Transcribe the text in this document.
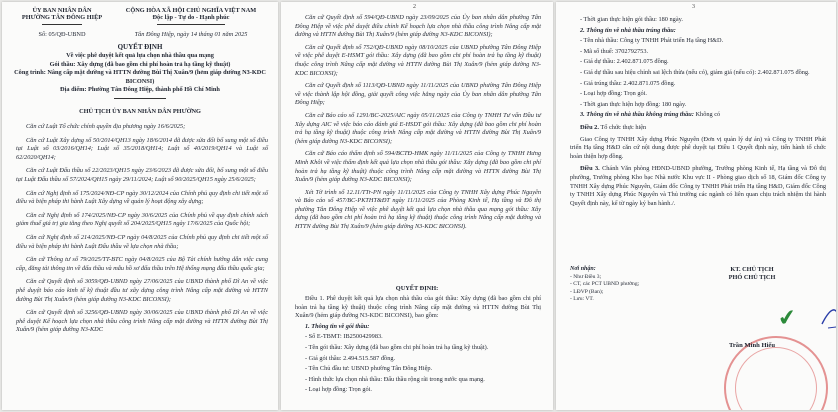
ỦY BAN NHÂN DÂN
PHƯỜNG TÂN ĐÔNG HIỆP
Số: 05/QĐ-UBND
CỘNG HÒA XÃ HỘI CHỦ NGHĨA VIỆT NAM
Độc lập - Tự do - Hạnh phúc
Tân Đông Hiệp, ngày 14 tháng 01 năm 2025
QUYẾT ĐỊNH
Về việc phê duyệt kết quả lựa chọn nhà thầu qua mạng
Gói thầu: Xây dựng (đã bao gồm chi phí hoàn trả hạ tầng kỹ thuật)
Công trình: Nâng cấp mặt đường và HTTN đường Bùi Thị Xuân/9 (hẻm giáp đường N3-KDC BICONSI)
Địa điểm: Phường Tân Đông Hiệp, thành phố Hồ Chí Minh
CHỦ TỊCH ỦY BAN NHÂN DÂN PHƯỜNG

Căn cứ Luật Tổ chức chính quyền địa phương ngày 16/6/2025;

Căn cứ Luật Xây dựng số 50/2014/QH13 ngày 18/6/2014 đã được sửa đổi bổ sung một số điều tại Luật số 03/2016/QH14; Luật số 35/2018/QH14; Luật số 40/2019/QH14 và Luật số 62/2020/QH14;

Căn cứ Luật Đấu thầu số 22/2023/QH15 ngày 23/6/2023 đã được sửa đổi, bổ sung một số điều tại Luật Đấu thầu số 57/2024/QH15 ngày 29/11/2024; Luật số 90/2025/QH15 ngày 25/6/2025;

Căn cứ Nghị định số 175/2024/NĐ-CP ngày 30/12/2024 của Chính phủ quy định chi tiết một số điều và biện pháp thi hành Luật Xây dựng về quản lý hoạt động xây dựng;

Căn cứ Nghị định số 174/2025/NĐ-CP ngày 30/6/2025 của Chính phủ về quy định chính sách giảm thuế giá trị gia tăng theo Nghị quyết số 204/2025/QH15 ngày 17/6/2025 của Quốc hội;

Căn cứ Nghị định số 214/2025/NĐ-CP ngày 04/8/2025 của Chính phủ quy định chi tiết một số điều và biện pháp thi hành Luật Đấu thầu về lựa chọn nhà thầu;

Căn cứ Thông tư số 79/2025/TT-BTC ngày 04/8/2025 của Bộ Tài chính hướng dẫn việc cung cấp, đăng tải thông tin về đấu thầu và mẫu hồ sơ đấu thầu trên Hệ thống mạng đấu thầu quốc gia;

Căn cứ Quyết định số 3059/QĐ-UBND ngày 27/06/2025 của UBND thành phố Dĩ An về việc phê duyệt báo cáo kinh tế kỹ thuật đầu tư xây dựng công trình Nâng cấp mặt đường và HTTN đường Bùi Thị Xuân/9 (hẻm giáp đường N3-KDC BICONSI);

Căn cứ Quyết định số 3256/QĐ-UBND ngày 30/06/2025 của UBND thành phố Dĩ An về việc phê duyệt Kế hoạch lựa chọn nhà thầu công trình Nâng cấp mặt đường và HTTN đường Bùi Thị Xuân/9 (hẻm giáp đường N3-KDC

2

Căn cứ Quyết định số 594/QĐ-UBND ngày 23/09/2025 của Ủy ban nhân dân phường Tân Đông Hiệp về việc phê duyệt điều chỉnh Kế hoạch lựa chọn nhà thầu công trình Nâng cấp mặt đường và HTTN đường Bùi Thị Xuân/9 (hẻm giáp đường N3-KDC BICONSI);

Căn cứ Quyết định số 752/QĐ-UBND ngày 08/10/2025 của UBND phường Tân Đông Hiệp về việc phê duyệt E-HSMT gói thầu: Xây dựng (đã bao gồm chi phí hoàn trả hạ tầng kỹ thuật) thuộc công trình Nâng cấp mặt đường và HTTN đường Bùi Thị Xuân/9 (hẻm giáp đường N3-KDC BICONSI);

Căn cứ Quyết định số 1113/QĐ-UBND ngày 11/11/2025 của UBND phường Tân Đông Hiệp về việc thành lập hội đồng, giải quyết công việc hằng ngày của Ủy ban nhân dân phường Tân Đông Hiệp;

Căn cứ Báo cáo số 1291/BC-2025/AIC ngày 05/11/2025 của Công ty TNHH Tư vấn Đầu tư Xây dựng AIC về việc báo cáo đánh giá E-HSDT gói thầu: Xây dựng (đã bao gồm chi phí hoàn trả hạ tầng kỹ thuật) thuộc công trình Nâng cấp mặt đường và HTTN đường Bùi Thị Xuân/9 (hẻm giáp đường N3-KDC BICONSI);

Căn cứ Báo cáo thẩm định số 594/BCTĐ-HMK ngày 11/11/2025 của Công ty TNHH Hưng Minh Khôi về việc thẩm định kết quả lựa chọn nhà thầu gói thầu: Xây dựng (đã bao gồm chi phí hoàn trả hạ tầng kỹ thuật) thuộc công trình Nâng cấp mặt đường và HTTN đường Bùi Thị Xuân/9 (hẻm giáp đường N3-KDC BICONSI);

Xét Tờ trình số 12.11/TTr-PN ngày 11/11/2025 của Công ty TNHH Xây dựng Phúc Nguyên và Báo cáo số 457/BC-PKTHT&ĐT ngày 11/11/2025 của Phòng Kinh tế, Hạ tầng và Đô thị phường Tân Đông Hiệp về việc phê duyệt kết quả lựa chọn nhà thầu qua mạng gói thầu: Xây dựng (đã bao gồm chi phí hoàn trả hạ tầng kỹ thuật) thuộc công trình Nâng cấp mặt đường và HTTN đường Bùi Thị Xuân/9 (hẻm giáp đường N3-KDC BICONSI).

QUYẾT ĐỊNH:

Điều 1. Phê duyệt kết quả lựa chọn nhà thầu của gói thầu: Xây dựng (đã bao gồm chi phí hoàn trả hạ tầng kỹ thuật) thuộc công trình Nâng cấp mặt đường và HTTN đường Bùi Thị Xuân/9 (hẻm giáp đường N3-KDC BICONSI), bao gồm:

1. Thông tin về gói thầu:

- Số E-TBMT: IB2500429983.

- Tên gói thầu: Xây dựng (đã bao gồm chi phí hoàn trả hạ tầng kỹ thuật).

- Giá gói thầu: 2.494.515.587 đồng.

- Tên Chủ đầu tư: UBND phường Tân Đông Hiệp.

- Hình thức lựa chọn nhà thầu: Đấu thầu rộng rãi trong nước qua mạng.

- Loại hợp đồng: Trọn gói.

3

- Thời gian thực hiện gói thầu: 180 ngày.

2. Thông tin về nhà thầu trúng thầu:

- Tên nhà thầu: Công ty TNHH Phát triển Hạ tầng H&D.

- Mã số thuế: 3702792753.

- Giá dự thầu: 2.402.871.075 đồng.

- Giá dự thầu sau hiệu chỉnh sai lệch thừa (nếu có), giảm giá (nếu có): 2.402.871.075 đồng.

- Giá trúng thầu: 2.402.871.075 đồng.

- Loại hợp đồng: Trọn gói.

- Thời gian thực hiện hợp đồng: 180 ngày.

3. Thông tin về nhà thầu không trúng thầu: Không có

Điều 2. Tổ chức thực hiện

Giao Công ty TNHH Xây dựng Phúc Nguyên (Đơn vị quản lý dự án) và Công ty TNHH Phát triển Hạ tầng H&D căn cứ nội dung được phê duyệt tại Điều 1 Quyết định này, tiến hành tổ chức hoàn thiện hợp đồng.

Điều 3. Chánh Văn phòng HĐND-UBND phường, Trưởng phòng Kinh tế, Hạ tầng và Đô thị phường, Trưởng phòng Kho bạc Nhà nước Khu vực II - Phòng giao dịch số 18, Giám đốc Công ty TNHH Xây dựng Phúc Nguyên, Giám đốc Công ty TNHH Phát triển Hạ tầng H&D, Giám đốc Công ty TNHH Xây dựng Phúc Nguyên và Thủ trưởng các ngành có liên quan chịu trách nhiệm thi hành Quyết định này, kể từ ngày ký ban hành./.

Nơi nhận:

- Như Điều 3;

- CT, các PCT UBND phường;

- LĐVP (Ban);

- Lưu: VT.

KT. CHỦ TỊCH
PHÓ CHỦ TỊCH
✔
Trần Minh Hiếu
